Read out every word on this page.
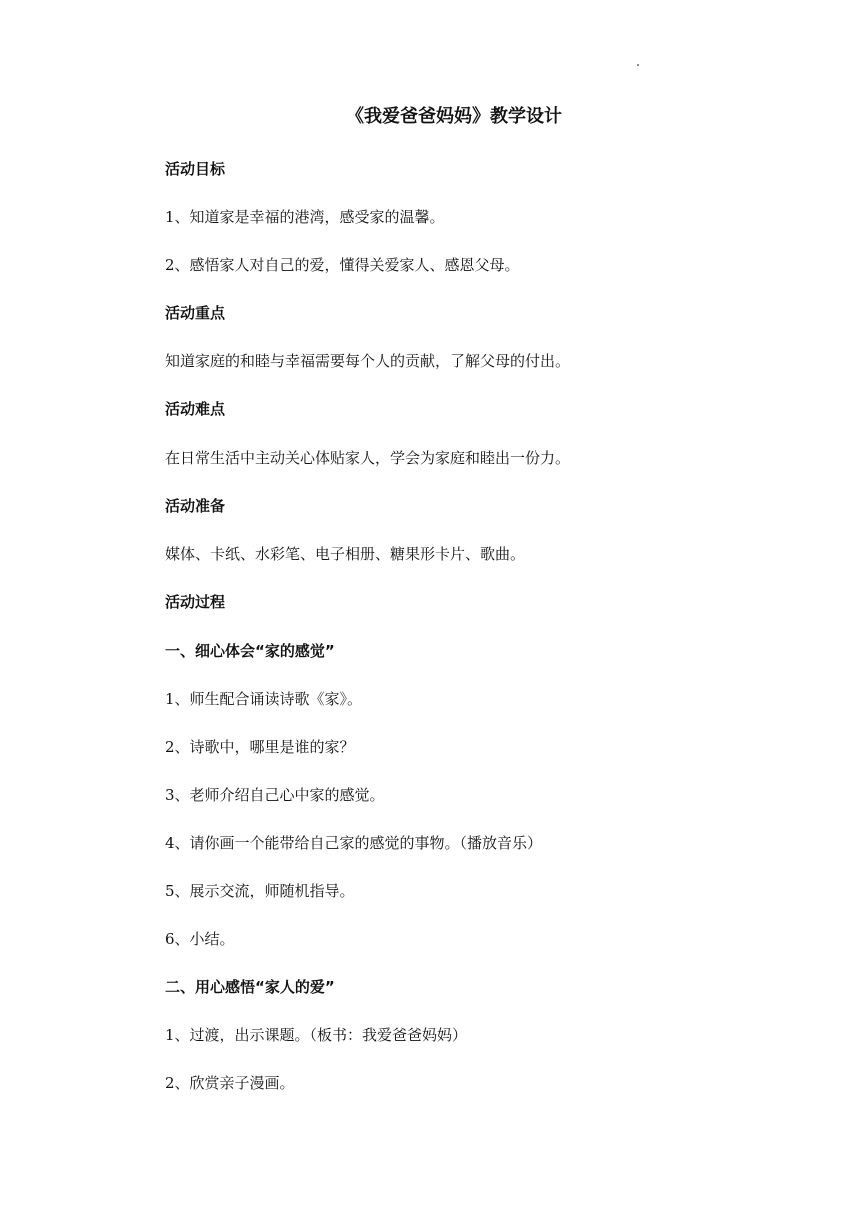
《我爱爸爸妈妈》教学设计
活动目标
1、知道家是幸福的港湾，感受家的温馨。
2、感悟家人对自己的爱，懂得关爱家人、感恩父母。
活动重点
知道家庭的和睦与幸福需要每个人的贡献，了解父母的付出。
活动难点
在日常生活中主动关心体贴家人，学会为家庭和睦出一份力。
活动准备
媒体、卡纸、水彩笔、电子相册、糖果形卡片、歌曲。
活动过程
一、细心体会“家的感觉”
1、师生配合诵读诗歌《家》。
2、诗歌中，哪里是谁的家？
3、老师介绍自己心中家的感觉。
4、请你画一个能带给自己家的感觉的事物。（播放音乐）
5、展示交流，师随机指导。
6、小结。
二、用心感悟“家人的爱”
1、过渡，出示课题。（板书：我爱爸爸妈妈）
2、欣赏亲子漫画。
